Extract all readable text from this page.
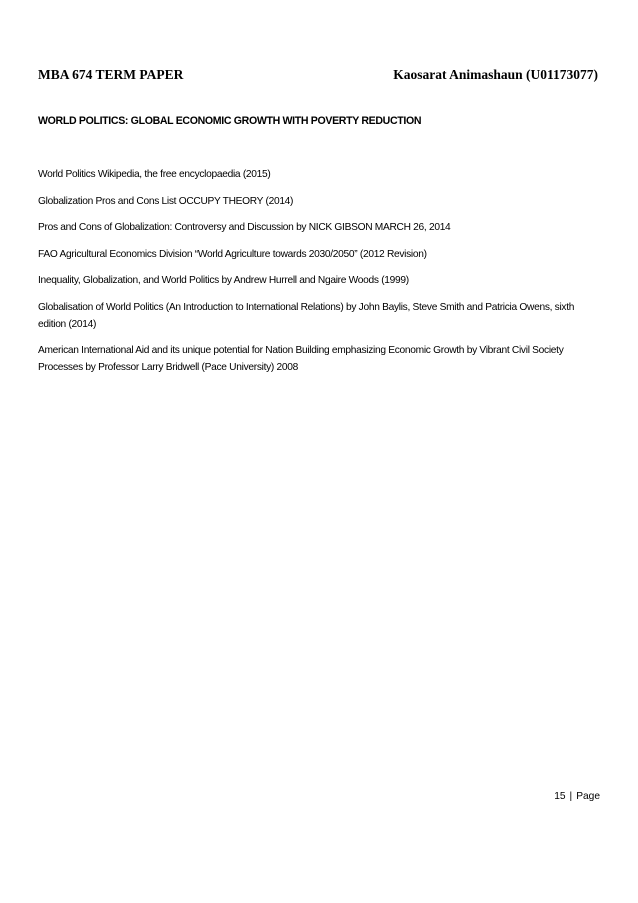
MBA 674 TERM PAPER	Kaosarat Animashaun (U01173077)
WORLD POLITICS: GLOBAL ECONOMIC GROWTH WITH POVERTY REDUCTION
World Politics Wikipedia, the free encyclopaedia (2015)
Globalization Pros and Cons List OCCUPY THEORY (2014)
Pros and Cons of Globalization: Controversy and Discussion by NICK GIBSON MARCH 26, 2014
FAO Agricultural Economics Division “World Agriculture towards 2030/2050” (2012 Revision)
Inequality, Globalization, and World Politics by Andrew Hurrell and Ngaire Woods (1999)
Globalisation of World Politics (An Introduction to International Relations) by John Baylis, Steve Smith and Patricia Owens, sixth edition (2014)
American International Aid and its unique potential for Nation Building emphasizing Economic Growth by Vibrant Civil Society Processes by Professor Larry Bridwell (Pace University) 2008
15 | Page
